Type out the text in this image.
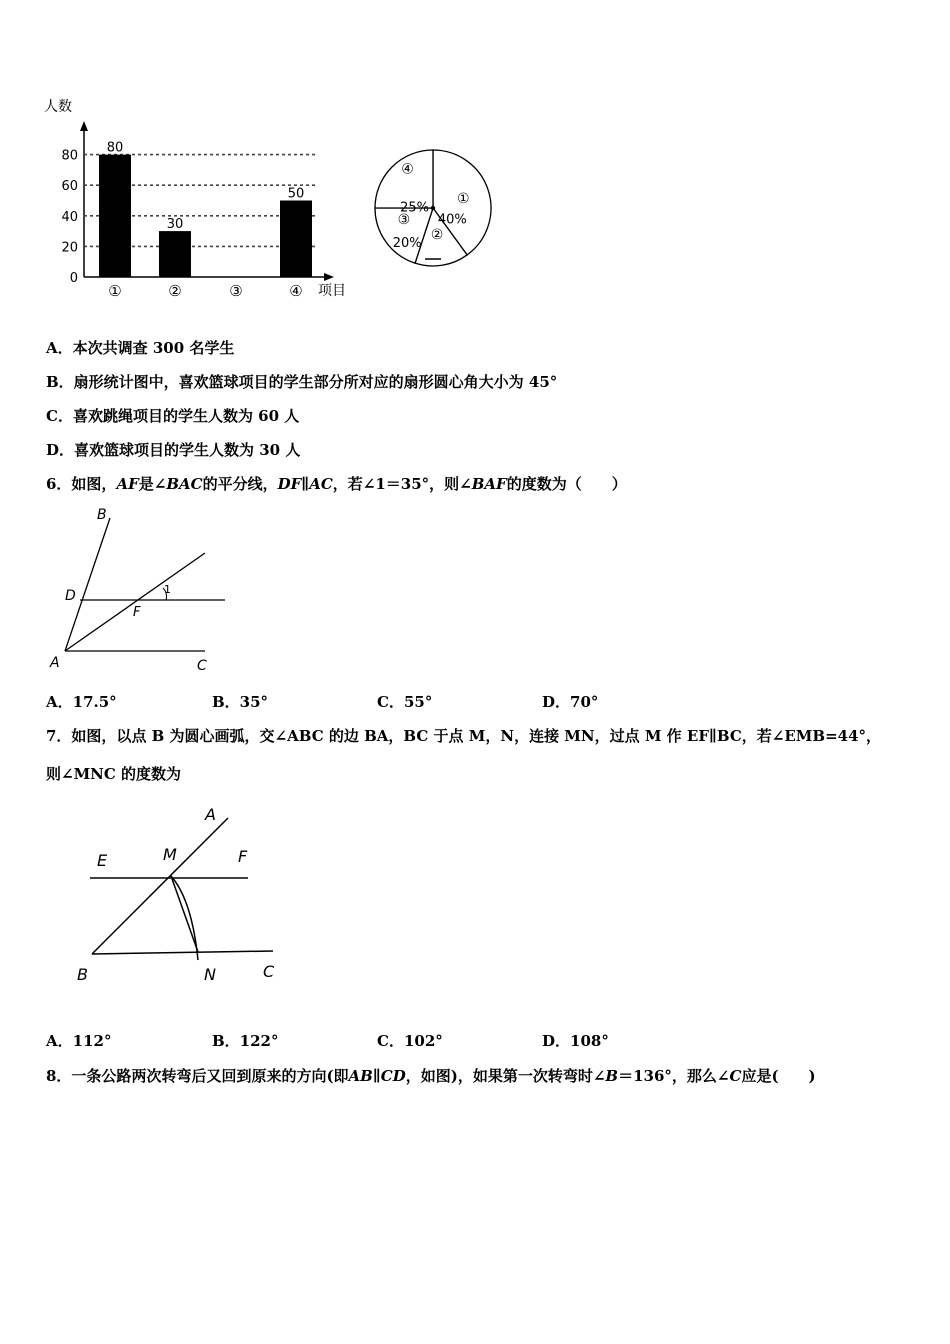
人数
项目
0
20
40
60
80
80
30
50
①	②	③	④
①
40%
②
③
20%
④
25%
A．本次共调查 300 名学生
B．扇形统计图中，喜欢篮球项目的学生部分所对应的扇形圆心角大小为 45°
C．喜欢跳绳项目的学生人数为 60 人
D．喜欢篮球项目的学生人数为 30 人
6．如图，AF是∠BAC的平分线，DF∥AC，若∠1＝35°，则∠BAF的度数为（　　）
B
D
F
1
A	C
A．17.5°	B．35°	C．55°	D．70°
7．如图，以点 B 为圆心画弧，交∠ABC 的边 BA，BC 于点 M，N，连接 MN，过点 M 作 EF∥BC，若∠EMB=44°，
则∠MNC 的度数为
A
E	M	F
B	N	C
A．112°	B．122°	C．102°	D．108°
8．一条公路两次转弯后又回到原来的方向(即AB∥CD，如图)，如果第一次转弯时∠B＝136°，那么∠C应是(　　)
